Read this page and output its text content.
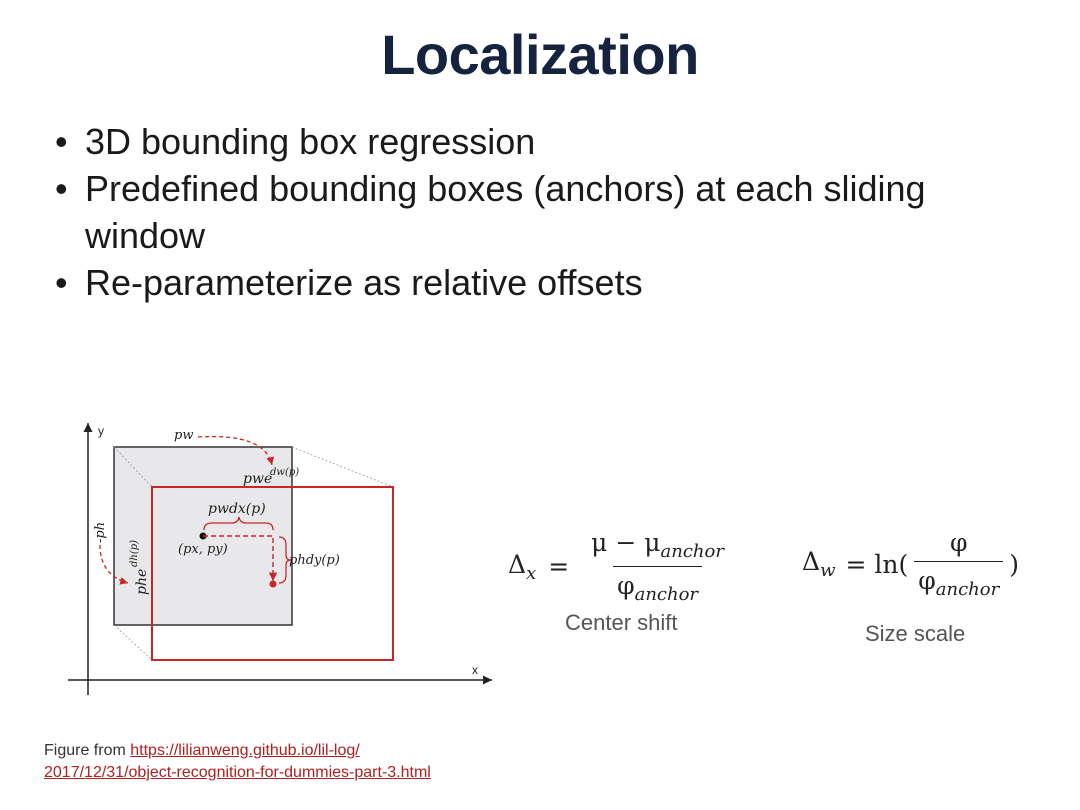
Localization
• 3D bounding box regression
• Predefined bounding boxes (anchors) at each sliding window
• Re-parameterize as relative offsets
y
x
pw
pwe
dw(p)
-ph
phe
dh(p)
pwdx(p)
phdy(p)
(px, py)	$\Delta_x = \frac{\mu - \mu_{anchor}}{\varphi_{anchor}}$
Center shift
$\Delta_w = \ln( \frac{\varphi}{\varphi_{anchor}}$ )
Size scale
Figure from https://lilianweng.github.io/lil-log/
2017/12/31/object-recognition-for-dummies-part-3.html
